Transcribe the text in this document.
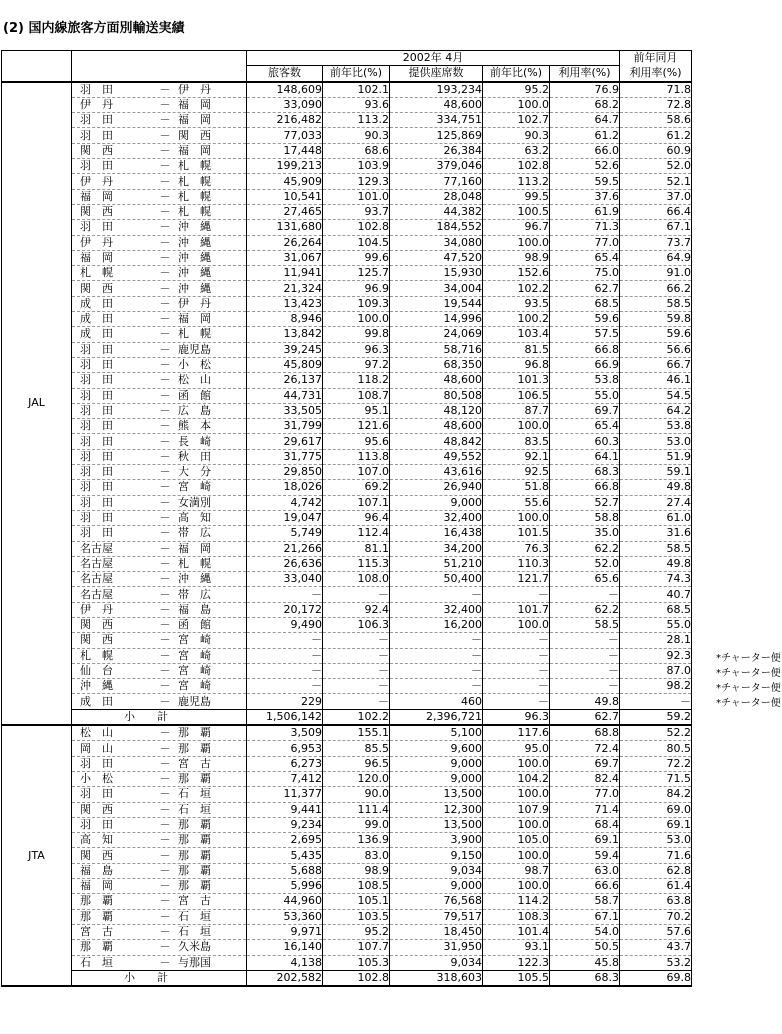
(2) 国内線旅客方面別輸送実績
		2002年 4月					前年同月
		旅客数	前年比(%)	提供座席数	前年比(%)	利用率(%)	利用率(%)
JAL	羽　田 － 伊　丹	148,609	102.1	193,234	95.2	76.9	71.8

	伊　丹 － 福　岡	33,090	93.6	48,600	100.0	68.2	72.8

	羽　田 － 福　岡	216,482	113.2	334,751	102.7	64.7	58.6

	羽　田 － 関　西	77,033	90.3	125,869	90.3	61.2	61.2

	関　西 － 福　岡	17,448	68.6	26,384	63.2	66.0	60.9

	羽　田 － 札　幌	199,213	103.9	379,046	102.8	52.6	52.0

	伊　丹 － 札　幌	45,909	129.3	77,160	113.2	59.5	52.1

	福　岡 － 札　幌	10,541	101.0	28,048	99.5	37.6	37.0

	関　西 － 札　幌	27,465	93.7	44,382	100.5	61.9	66.4

	羽　田 － 沖　縄	131,680	102.8	184,552	96.7	71.3	67.1

	伊　丹 － 沖　縄	26,264	104.5	34,080	100.0	77.0	73.7

	福　岡 － 沖　縄	31,067	99.6	47,520	98.9	65.4	64.9

	札　幌 － 沖　縄	11,941	125.7	15,930	152.6	75.0	91.0

	関　西 － 沖　縄	21,324	96.9	34,004	102.2	62.7	66.2

	成　田 － 伊　丹	13,423	109.3	19,544	93.5	68.5	58.5

	成　田 － 福　岡	8,946	100.0	14,996	100.2	59.6	59.8

	成　田 － 札　幌	13,842	99.8	24,069	103.4	57.5	59.6

	羽　田 － 鹿児島	39,245	96.3	58,716	81.5	66.8	56.6

	羽　田 － 小　松	45,809	97.2	68,350	96.8	66.9	66.7

	羽　田 － 松　山	26,137	118.2	48,600	101.3	53.8	46.1

	羽　田 － 函　館	44,731	108.7	80,508	106.5	55.0	54.5

	羽　田 － 広　島	33,505	95.1	48,120	87.7	69.7	64.2

	羽　田 － 熊　本	31,799	121.6	48,600	100.0	65.4	53.8

	羽　田 － 長　崎	29,617	95.6	48,842	83.5	60.3	53.0

	羽　田 － 秋　田	31,775	113.8	49,552	92.1	64.1	51.9

	羽　田 － 大　分	29,850	107.0	43,616	92.5	68.3	59.1

	羽　田 － 宮　崎	18,026	69.2	26,940	51.8	66.8	49.8

	羽　田 － 女満別	4,742	107.1	9,000	55.6	52.7	27.4

	羽　田 － 高　知	19,047	96.4	32,400	100.0	58.8	61.0

	羽　田 － 帯　広	5,749	112.4	16,438	101.5	35.0	31.6

	名古屋 － 福　岡	21,266	81.1	34,200	76.3	62.2	58.5

	名古屋 － 札　幌	26,636	115.3	51,210	110.3	52.0	49.8

	名古屋 － 沖　縄	33,040	108.0	50,400	121.7	65.6	74.3

	名古屋 － 帯　広	－	－	－	－	－	40.7

	伊　丹 － 福　島	20,172	92.4	32,400	101.7	62.2	68.5

	関　西 － 函　館	9,490	106.3	16,200	100.0	58.5	55.0

	関　西 － 宮　崎	－	－	－	－	－	28.1

	札　幌 － 宮　崎	－	－	－	－	－	92.3

	仙　台 － 宮　崎	－	－	－	－	－	87.0

	沖　縄 － 宮　崎	－	－	－	－	－	98.2

	成　田 － 鹿児島	229	－	460	－	49.8	－
	小　　計	1,506,142	102.2	2,396,721	96.3	62.7	59.2
JTA	松　山 － 那　覇	3,509	155.1	5,100	117.6	68.8	52.2

	岡　山 － 那　覇	6,953	85.5	9,600	95.0	72.4	80.5

	羽　田 － 宮　古	6,273	96.5	9,000	100.0	69.7	72.2

	小　松 － 那　覇	7,412	120.0	9,000	104.2	82.4	71.5

	羽　田 － 石　垣	11,377	90.0	13,500	100.0	77.0	84.2

	関　西 － 石　垣	9,441	111.4	12,300	107.9	71.4	69.0

	羽　田 － 那　覇	9,234	99.0	13,500	100.0	68.4	69.1

	高　知 － 那　覇	2,695	136.9	3,900	105.0	69.1	53.0

	関　西 － 那　覇	5,435	83.0	9,150	100.0	59.4	71.6

	福　島 － 那　覇	5,688	98.9	9,034	98.7	63.0	62.8

	福　岡 － 那　覇	5,996	108.5	9,000	100.0	66.6	61.4

	那　覇 － 宮　古	44,960	105.1	76,568	114.2	58.7	63.8

	那　覇 － 石　垣	53,360	103.5	79,517	108.3	67.1	70.2

	宮　古 － 石　垣	9,971	95.2	18,450	101.4	54.0	57.6

	那　覇 － 久米島	16,140	107.7	31,950	93.1	50.5	43.7

	石　垣 － 与那国	4,138	105.3	9,034	122.3	45.8	53.2
	小　　計	202,582	102.8	318,603	105.5	68.3	69.8
*チャーター便
*チャーター便
*チャーター便
*チャーター便
